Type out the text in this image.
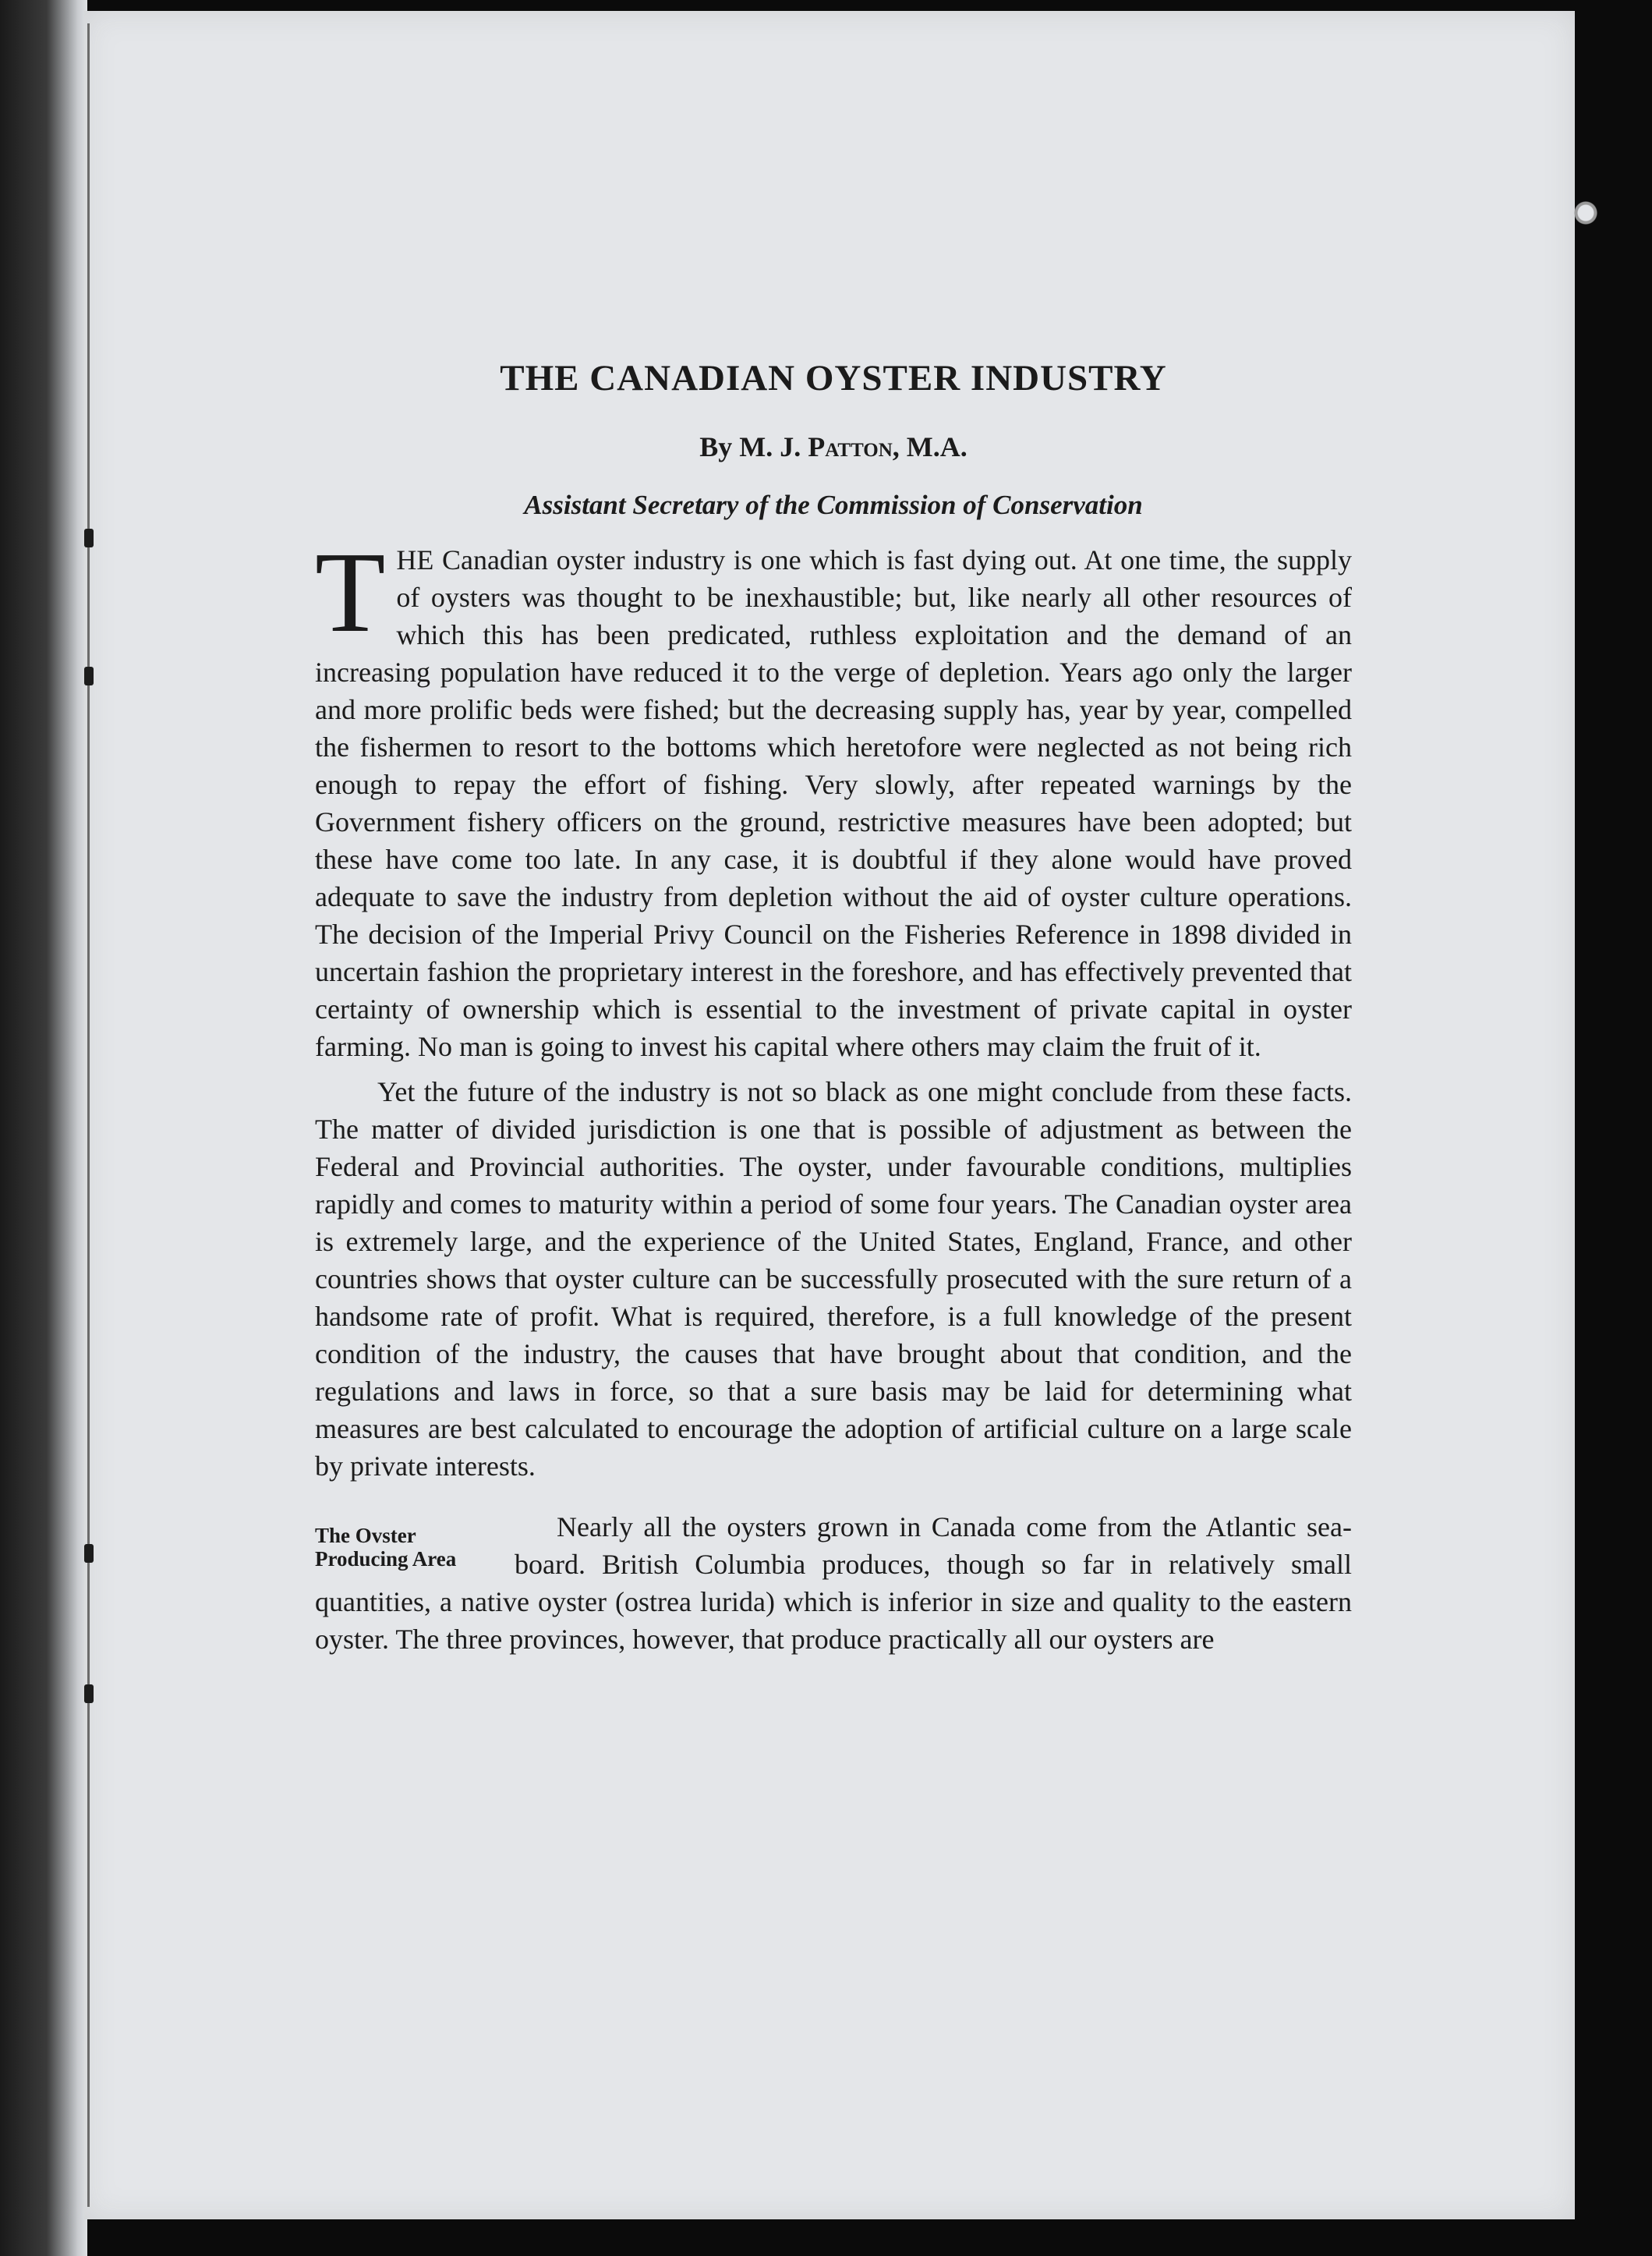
THE CANADIAN OYSTER INDUSTRY
By M. J. Patton, M.A.
Assistant Secretary of the Commission of Conservation

THE Canadian oyster industry is one which is fast dying out. At one time, the supply of oysters was thought to be inexhaustible; but, like nearly all other resources of which this has been predicated, ruthless exploitation and the demand of an increasing population have reduced it to the verge of depletion. Years ago only the larger and more prolific beds were fished; but the decreasing supply has, year by year, compelled the fishermen to resort to the bottoms which heretofore were neglected as not being rich enough to repay the effort of fishing. Very slowly, after repeated warnings by the Government fishery officers on the ground, restrictive measures have been adopted; but these have come too late. In any case, it is doubtful if they alone would have proved adequate to save the industry from depletion without the aid of oyster culture operations. The decision of the Imperial Privy Council on the Fisheries Reference in 1898 divided in uncertain fashion the proprietary interest in the foreshore, and has effectively prevented that certainty of ownership which is essential to the investment of private capital in oyster farming. No man is going to invest his capital where others may claim the fruit of it.

Yet the future of the industry is not so black as one might conclude from these facts. The matter of divided jurisdiction is one that is possible of adjustment as between the Federal and Provincial authorities. The oyster, under favourable conditions, multiplies rapidly and comes to maturity within a period of some four years. The Canadian oyster area is extremely large, and the experience of the United States, England, France, and other countries shows that oyster culture can be successfully prosecuted with the sure return of a handsome rate of profit. What is required, therefore, is a full knowledge of the present condition of the industry, the causes that have brought about that condition, and the regulations and laws in force, so that a sure basis may be laid for determining what measures are best calculated to encourage the adoption of artificial culture on a large scale by private interests.

The Ovster Producing Area

Nearly all the oysters grown in Canada come from the Atlantic sea-board. British Columbia produces, though so far in relatively small quantities, a native oyster (ostrea lurida) which is inferior in size and quality to the eastern oyster. The three provinces, however, that produce practically all our oysters are
